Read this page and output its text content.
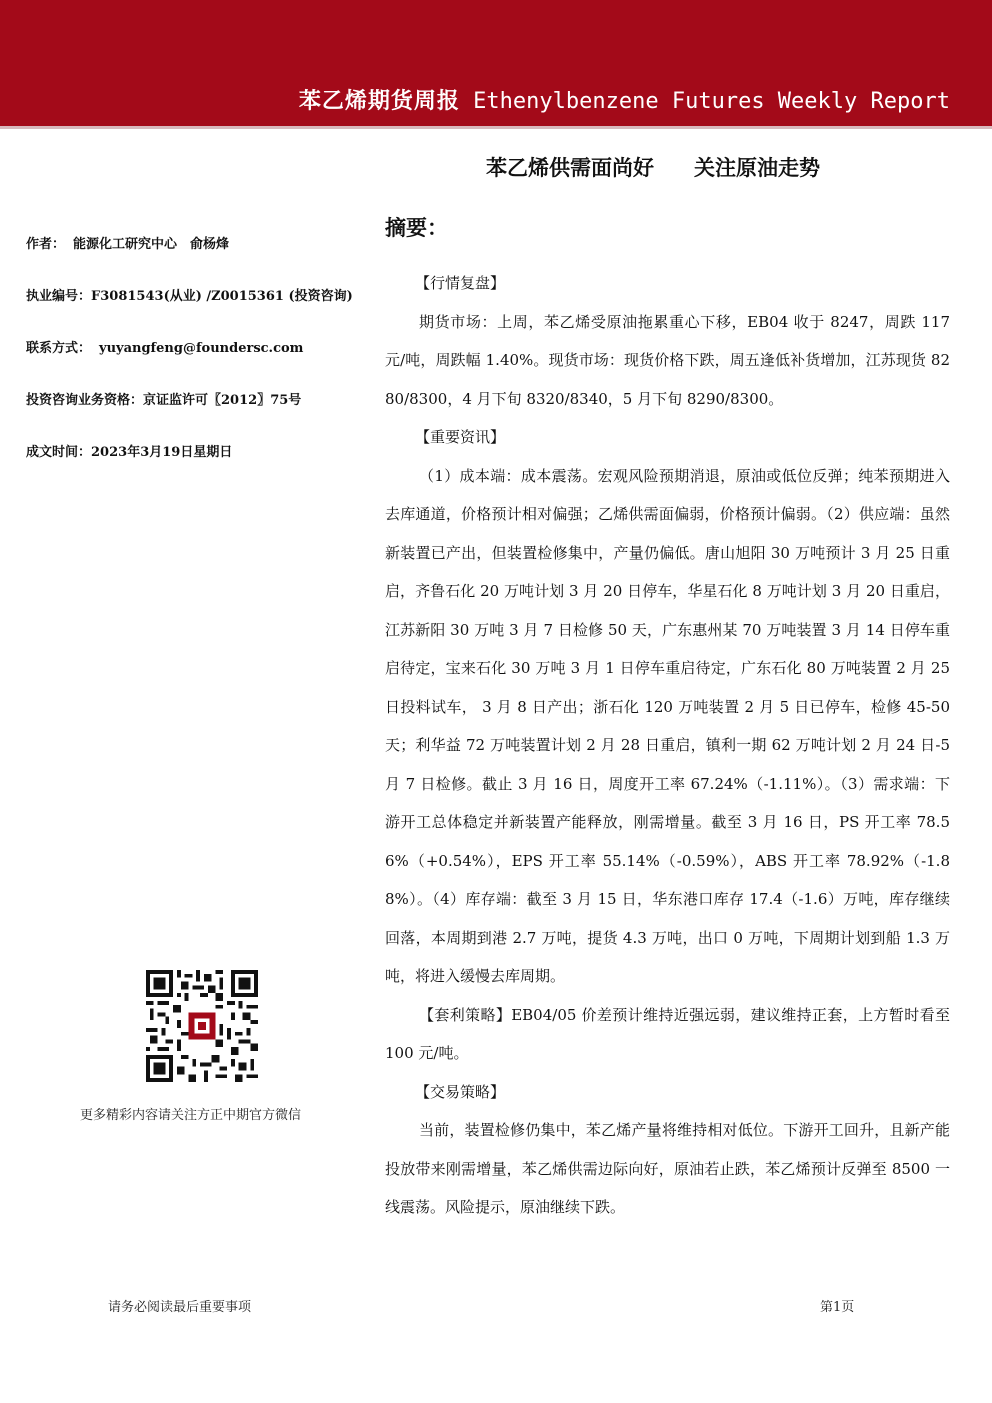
苯乙烯期货周报 Ethenylbenzene Futures Weekly Report
苯乙烯供需面尚好 关注原油走势
作者： 能源化工研究中心　俞杨烽
执业编号：F3081543(从业) /Z0015361 (投资咨询)
联系方式： yuyangfeng@foundersc.com
投资咨询业务资格：京证监许可〖2012〗75号
成文时间：2023年3月19日星期日
更多精彩内容请关注方正中期官方微信
摘要：

【行情复盘】

期货市场：上周，苯乙烯受原油拖累重心下移，EB04 收于 8247，周跌 117 元/吨，周跌幅 1.40%。现货市场：现货价格下跌，周五逢低补货增加，江苏现货 8280/8300，4 月下旬 8320/8340，5 月下旬 8290/8300。

【重要资讯】

（1）成本端：成本震荡。宏观风险预期消退，原油或低位反弹；纯苯预期进入去库通道，价格预计相对偏强；乙烯供需面偏弱，价格预计偏弱。（2）供应端：虽然新装置已产出，但装置检修集中，产量仍偏低。唐山旭阳 30 万吨预计 3 月 25 日重启，齐鲁石化 20 万吨计划 3 月 20 日停车，华星石化 8 万吨计划 3 月 20 日重启，江苏新阳 30 万吨 3 月 7 日检修 50 天，广东惠州某 70 万吨装置 3 月 14 日停车重启待定，宝来石化 30 万吨 3 月 1 日停车重启待定，广东石化 80 万吨装置 2 月 25 日投料试车， 3 月 8 日产出；浙石化 120 万吨装置 2 月 5 日已停车，检修 45-50 天；利华益 72 万吨装置计划 2 月 28 日重启，镇利一期 62 万吨计划 2 月 24 日-5 月 7 日检修。截止 3 月 16 日，周度开工率 67.24%（-1.11%）。（3）需求端：下游开工总体稳定并新装置产能释放，刚需增量。截至 3 月 16 日，PS 开工率 78.56%（+0.54%），EPS 开工率 55.14%（-0.59%），ABS 开工率 78.92%（-1.88%）。（4）库存端：截至 3 月 15 日，华东港口库存 17.4（-1.6）万吨，库存继续回落，本周期到港 2.7 万吨，提货 4.3 万吨，出口 0 万吨，下周期计划到船 1.3 万吨，将进入缓慢去库周期。

【套利策略】EB04/05 价差预计维持近强远弱，建议维持正套，上方暂时看至 100 元/吨。

【交易策略】

当前，装置检修仍集中，苯乙烯产量将维持相对低位。下游开工回升，且新产能投放带来刚需增量，苯乙烯供需边际向好，原油若止跌，苯乙烯预计反弹至 8500 一线震荡。风险提示，原油继续下跌。

请务必阅读最后重要事项	第1页
